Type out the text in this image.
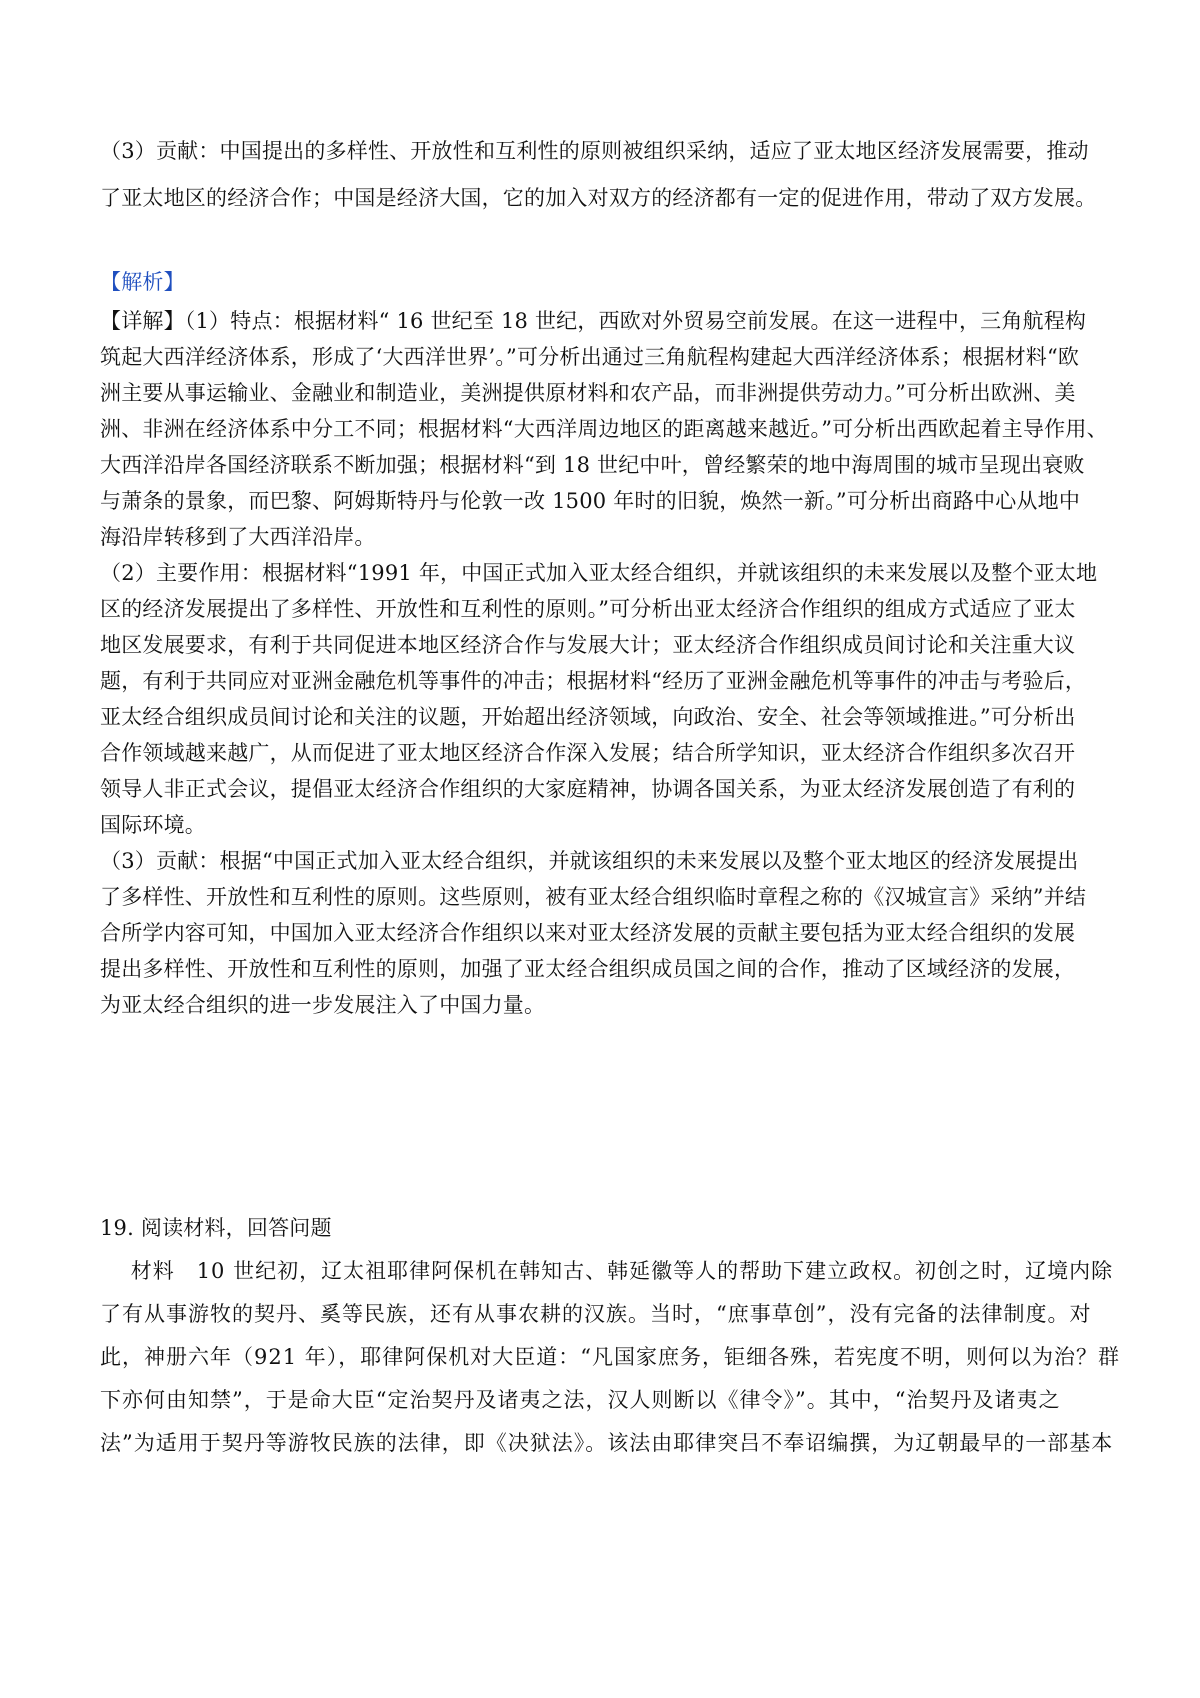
（3）贡献：中国提出的多样性、开放性和互利性的原则被组织采纳，适应了亚太地区经济发展需要，推动

了亚太地区的经济合作；中国是经济大国，它的加入对双方的经济都有一定的促进作用，带动了双方发展。

【解析】

【详解】（1）特点：根据材料“ 16 世纪至 18 世纪，西欧对外贸易空前发展。在这一进程中，三角航程构

筑起大西洋经济体系，形成了‘大西洋世界’。”可分析出通过三角航程构建起大西洋经济体系；根据材料“欧

洲主要从事运输业、金融业和制造业，美洲提供原材料和农产品，而非洲提供劳动力。”可分析出欧洲、美

洲、非洲在经济体系中分工不同；根据材料“大西洋周边地区的距离越来越近。”可分析出西欧起着主导作用、

大西洋沿岸各国经济联系不断加强；根据材料“到 18 世纪中叶，曾经繁荣的地中海周围的城市呈现出衰败

与萧条的景象，而巴黎、阿姆斯特丹与伦敦一改 1500 年时的旧貌，焕然一新。”可分析出商路中心从地中

海沿岸转移到了大西洋沿岸。

（2）主要作用：根据材料“1991 年，中国正式加入亚太经合组织，并就该组织的未来发展以及整个亚太地

区的经济发展提出了多样性、开放性和互利性的原则。”可分析出亚太经济合作组织的组成方式适应了亚太

地区发展要求，有利于共同促进本地区经济合作与发展大计；亚太经济合作组织成员间讨论和关注重大议

题，有利于共同应对亚洲金融危机等事件的冲击；根据材料“经历了亚洲金融危机等事件的冲击与考验后，

亚太经合组织成员间讨论和关注的议题，开始超出经济领域，向政治、安全、社会等领域推进。”可分析出

合作领域越来越广，从而促进了亚太地区经济合作深入发展；结合所学知识，亚太经济合作组织多次召开

领导人非正式会议，提倡亚太经济合作组织的大家庭精神，协调各国关系，为亚太经济发展创造了有利的

国际环境。

（3）贡献：根据“中国正式加入亚太经合组织，并就该组织的未来发展以及整个亚太地区的经济发展提出

了多样性、开放性和互利性的原则。这些原则，被有亚太经合组织临时章程之称的《汉城宣言》采纳”并结

合所学内容可知，中国加入亚太经济合作组织以来对亚太经济发展的贡献主要包括为亚太经合组织的发展

提出多样性、开放性和互利性的原则，加强了亚太经合组织成员国之间的合作，推动了区域经济的发展，

为亚太经合组织的进一步发展注入了中国力量。

19. 阅读材料，回答问题

材料　10 世纪初，辽太祖耶律阿保机在韩知古、韩延徽等人的帮助下建立政权。初创之时，辽境内除

了有从事游牧的契丹、奚等民族，还有从事农耕的汉族。当时，“庶事草创”，没有完备的法律制度。对

此，神册六年（921 年），耶律阿保机对大臣道：“凡国家庶务，钜细各殊，若宪度不明，则何以为治？群

下亦何由知禁”，于是命大臣“定治契丹及诸夷之法，汉人则断以《律令》”。其中，“治契丹及诸夷之

法”为适用于契丹等游牧民族的法律，即《决狱法》。该法由耶律突吕不奉诏编撰，为辽朝最早的一部基本
